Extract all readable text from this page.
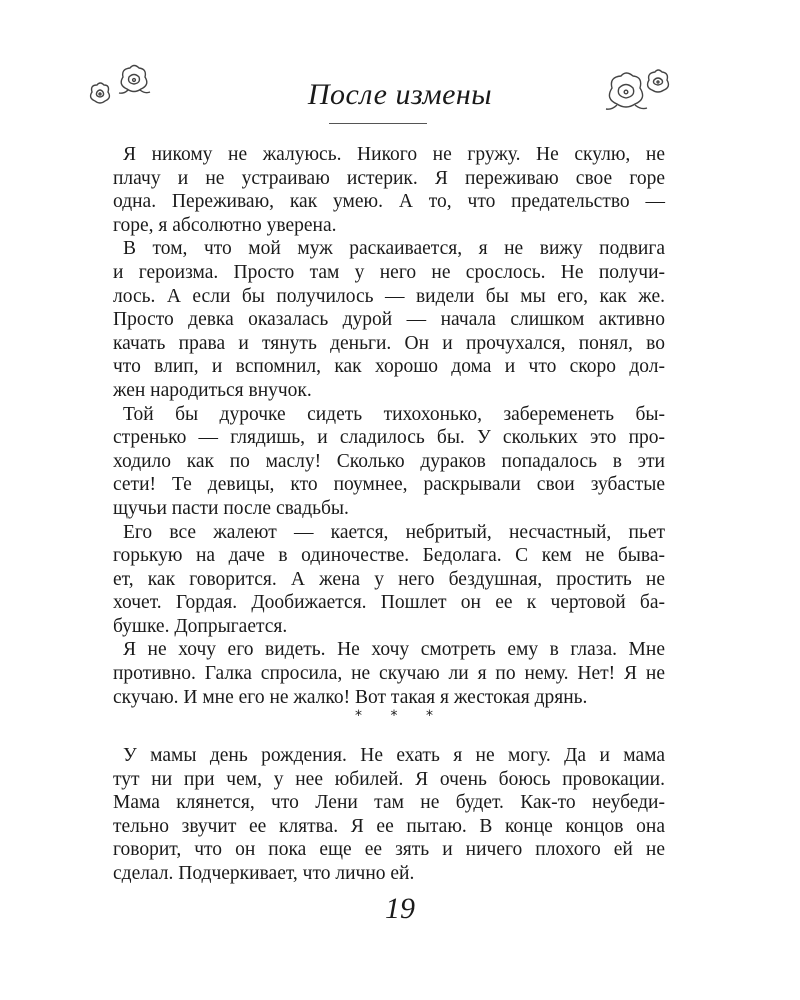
После измены
Я никому не жалуюсь. Никого не гружу. Не скулю, не
плачу и не устраиваю истерик. Я переживаю свое горе
одна. Переживаю, как умею. А то, что предательство —
горе, я абсолютно уверена.
В том, что мой муж раскаивается, я не вижу подвига
и героизма. Просто там у него не срослось. Не получи-
лось. А если бы получилось — видели бы мы его, как же.
Просто девка оказалась дурой — начала слишком активно
качать права и тянуть деньги. Он и прочухался, понял, во
что влип, и вспомнил, как хорошо дома и что скоро дол-
жен народиться внучок.
Той бы дурочке сидеть тихохонько, забеременеть бы-
стренько — глядишь, и сладилось бы. У скольких это про-
ходило как по маслу! Сколько дураков попадалось в эти
сети! Те девицы, кто поумнее, раскрывали свои зубастые
щучьи пасти после свадьбы.
Его все жалеют — кается, небритый, несчастный, пьет
горькую на даче в одиночестве. Бедолага. С кем не быва-
ет, как говорится. А жена у него бездушная, простить не
хочет. Гордая. Дообижается. Пошлет он ее к чертовой ба-
бушке. Допрыгается.
Я не хочу его видеть. Не хочу смотреть ему в глаза. Мне
противно. Галка спросила, не скучаю ли я по нему. Нет! Я не
скучаю. И мне его не жалко! Вот такая я жестокая дрянь.
* * *
У мамы день рождения. Не ехать я не могу. Да и мама
тут ни при чем, у нее юбилей. Я очень боюсь провокации.
Мама клянется, что Лени там не будет. Как-то неубеди-
тельно звучит ее клятва. Я ее пытаю. В конце концов она
говорит, что он пока еще ее зять и ничего плохого ей не
сделал. Подчеркивает, что лично ей.
19
